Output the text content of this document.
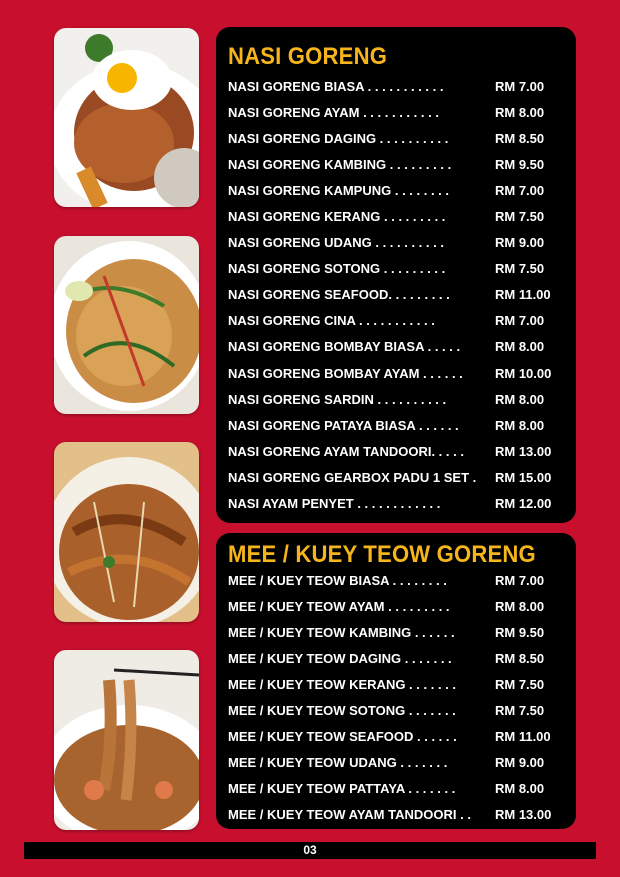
NASI GORENG
NASI GORENG BIASA . . . . . . . . . . .	RM 7.00
NASI GORENG AYAM . . . . . . . . . . .	RM 8.00
NASI GORENG DAGING . . . . . . . . . .	RM 8.50
NASI GORENG KAMBING . . . . . . . . .	RM 9.50
NASI GORENG KAMPUNG . . . . . . . .	RM 7.00
NASI GORENG KERANG . . . . . . . . .	RM 7.50
NASI GORENG UDANG . . . . . . . . . .	RM 9.00
NASI GORENG SOTONG . . . . . . . . .	RM 7.50
NASI GORENG SEAFOOD. . . . . . . . .	RM 11.00
NASI GORENG CINA . . . . . . . . . . .	RM 7.00
NASI GORENG BOMBAY BIASA . . . . .	RM 8.00
NASI GORENG BOMBAY AYAM . . . . . . RM 10.00
NASI GORENG SARDIN . . . . . . . . . .	RM 8.00
NASI GORENG PATAYA BIASA . . . . . .	RM 8.00
NASI GORENG AYAM TANDOORI. . . . . RM 13.00
NASI GORENG GEARBOX PADU 1 SET . RM 15.00
NASI AYAM PENYET . . . . . . . . . . . .	RM 12.00
MEE / KUEY TEOW GORENG
MEE / KUEY TEOW BIASA . . . . . . . .	RM 7.00
MEE / KUEY TEOW AYAM . . . . . . . . .	RM 8.00
MEE / KUEY TEOW KAMBING . . . . . .	RM 9.50
MEE / KUEY TEOW DAGING . . . . . . .	RM 8.50
MEE / KUEY TEOW KERANG . . . . . . .	RM 7.50
MEE / KUEY TEOW SOTONG . . . . . . .	RM 7.50
MEE / KUEY TEOW SEAFOOD . . . . . .	RM 11.00
MEE / KUEY TEOW UDANG . . . . . . .	RM 9.00
MEE / KUEY TEOW PATTAYA . . . . . . .	RM 8.00
MEE / KUEY TEOW AYAM TANDOORI . . RM 13.00
03
